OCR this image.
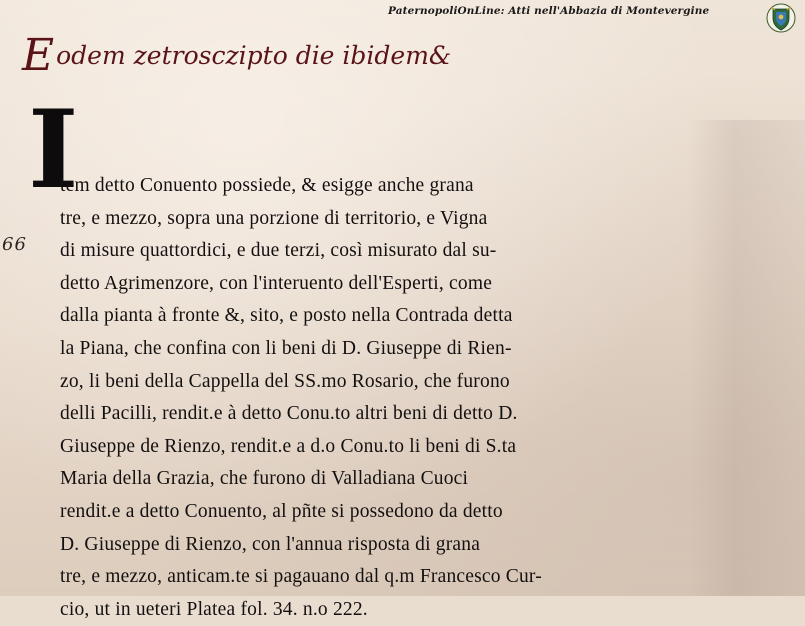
PaternopoliOnLine: Atti nell'Abbazia di Montevergine
Eodem zetrosczipto die ibidem&
I
66
tem detto Conuento possiede, & esigge anche grana
tre, e mezzo, sopra una porzione di territorio, e Vigna
di misure quattordici, e due terzi, così misurato dal su-
detto Agrimenzore, con l'interuento dell'Esperti, come
dalla pianta à fronte &, sito, e posto nella Contrada detta
la Piana, che confina con li beni di D. Giuseppe di Rien-
zo, li beni della Cappella del SS.mo Rosario, che furono
delli Pacilli, rendit.e à detto Conu.to altri beni di detto D.
Giuseppe de Rienzo, rendit.e a d.o Conu.to li beni di S.ta
Maria della Grazia, che furono di Valladiana Cuoci
rendit.e a detto Conuento, al pñte si possedono da detto
D. Giuseppe di Rienzo, con l'annua risposta di grana
tre, e mezzo, anticam.te si pagauano dal q.m Francesco Cur-
cio, ut in ueteri Platea fol. 34. n.o 222.
